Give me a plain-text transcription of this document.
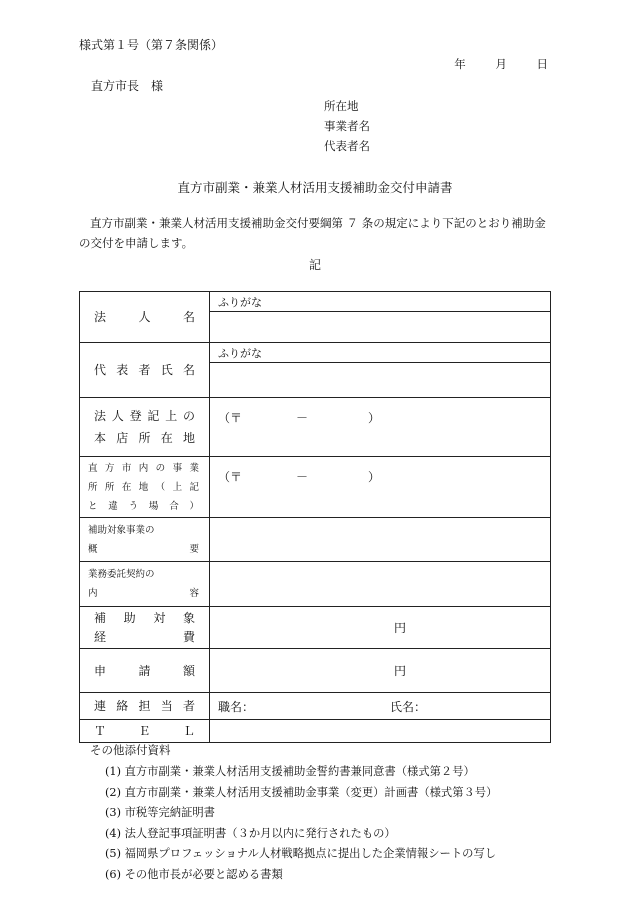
様式第１号（第７条関係）
年	月	日
直方市長　様
所在地
事業者名
代表者名
直方市副業・兼業人材活用支援補助金交付申請書
直方市副業・兼業人材活用支援補助金交付要綱第 ７ 条の規定により下記のとおり補助金の交付を申請します。
記
法　人　名	ふりがな

代表者氏名	ふりがな

法人登記上の
本店所在地	（〒 － ）

直方市内の事業
所所在地（上記
と違う場合）	（〒 － ）

補助対象事業の
概　　要	

業務委託契約の
内　　容	

補助対象
経　費	円
申　請　額	円
連絡担当者	職名： 氏名：
ＴＥＬ	
その他添付資料
(1) 直方市副業・兼業人材活用支援補助金誓約書兼同意書（様式第２号）
(2) 直方市副業・兼業人材活用支援補助金事業（変更）計画書（様式第３号）
(3) 市税等完納証明書
(4) 法人登記事項証明書（３か月以内に発行されたもの）
(5) 福岡県プロフェッショナル人材戦略拠点に提出した企業情報シートの写し
(6) その他市長が必要と認める書類
